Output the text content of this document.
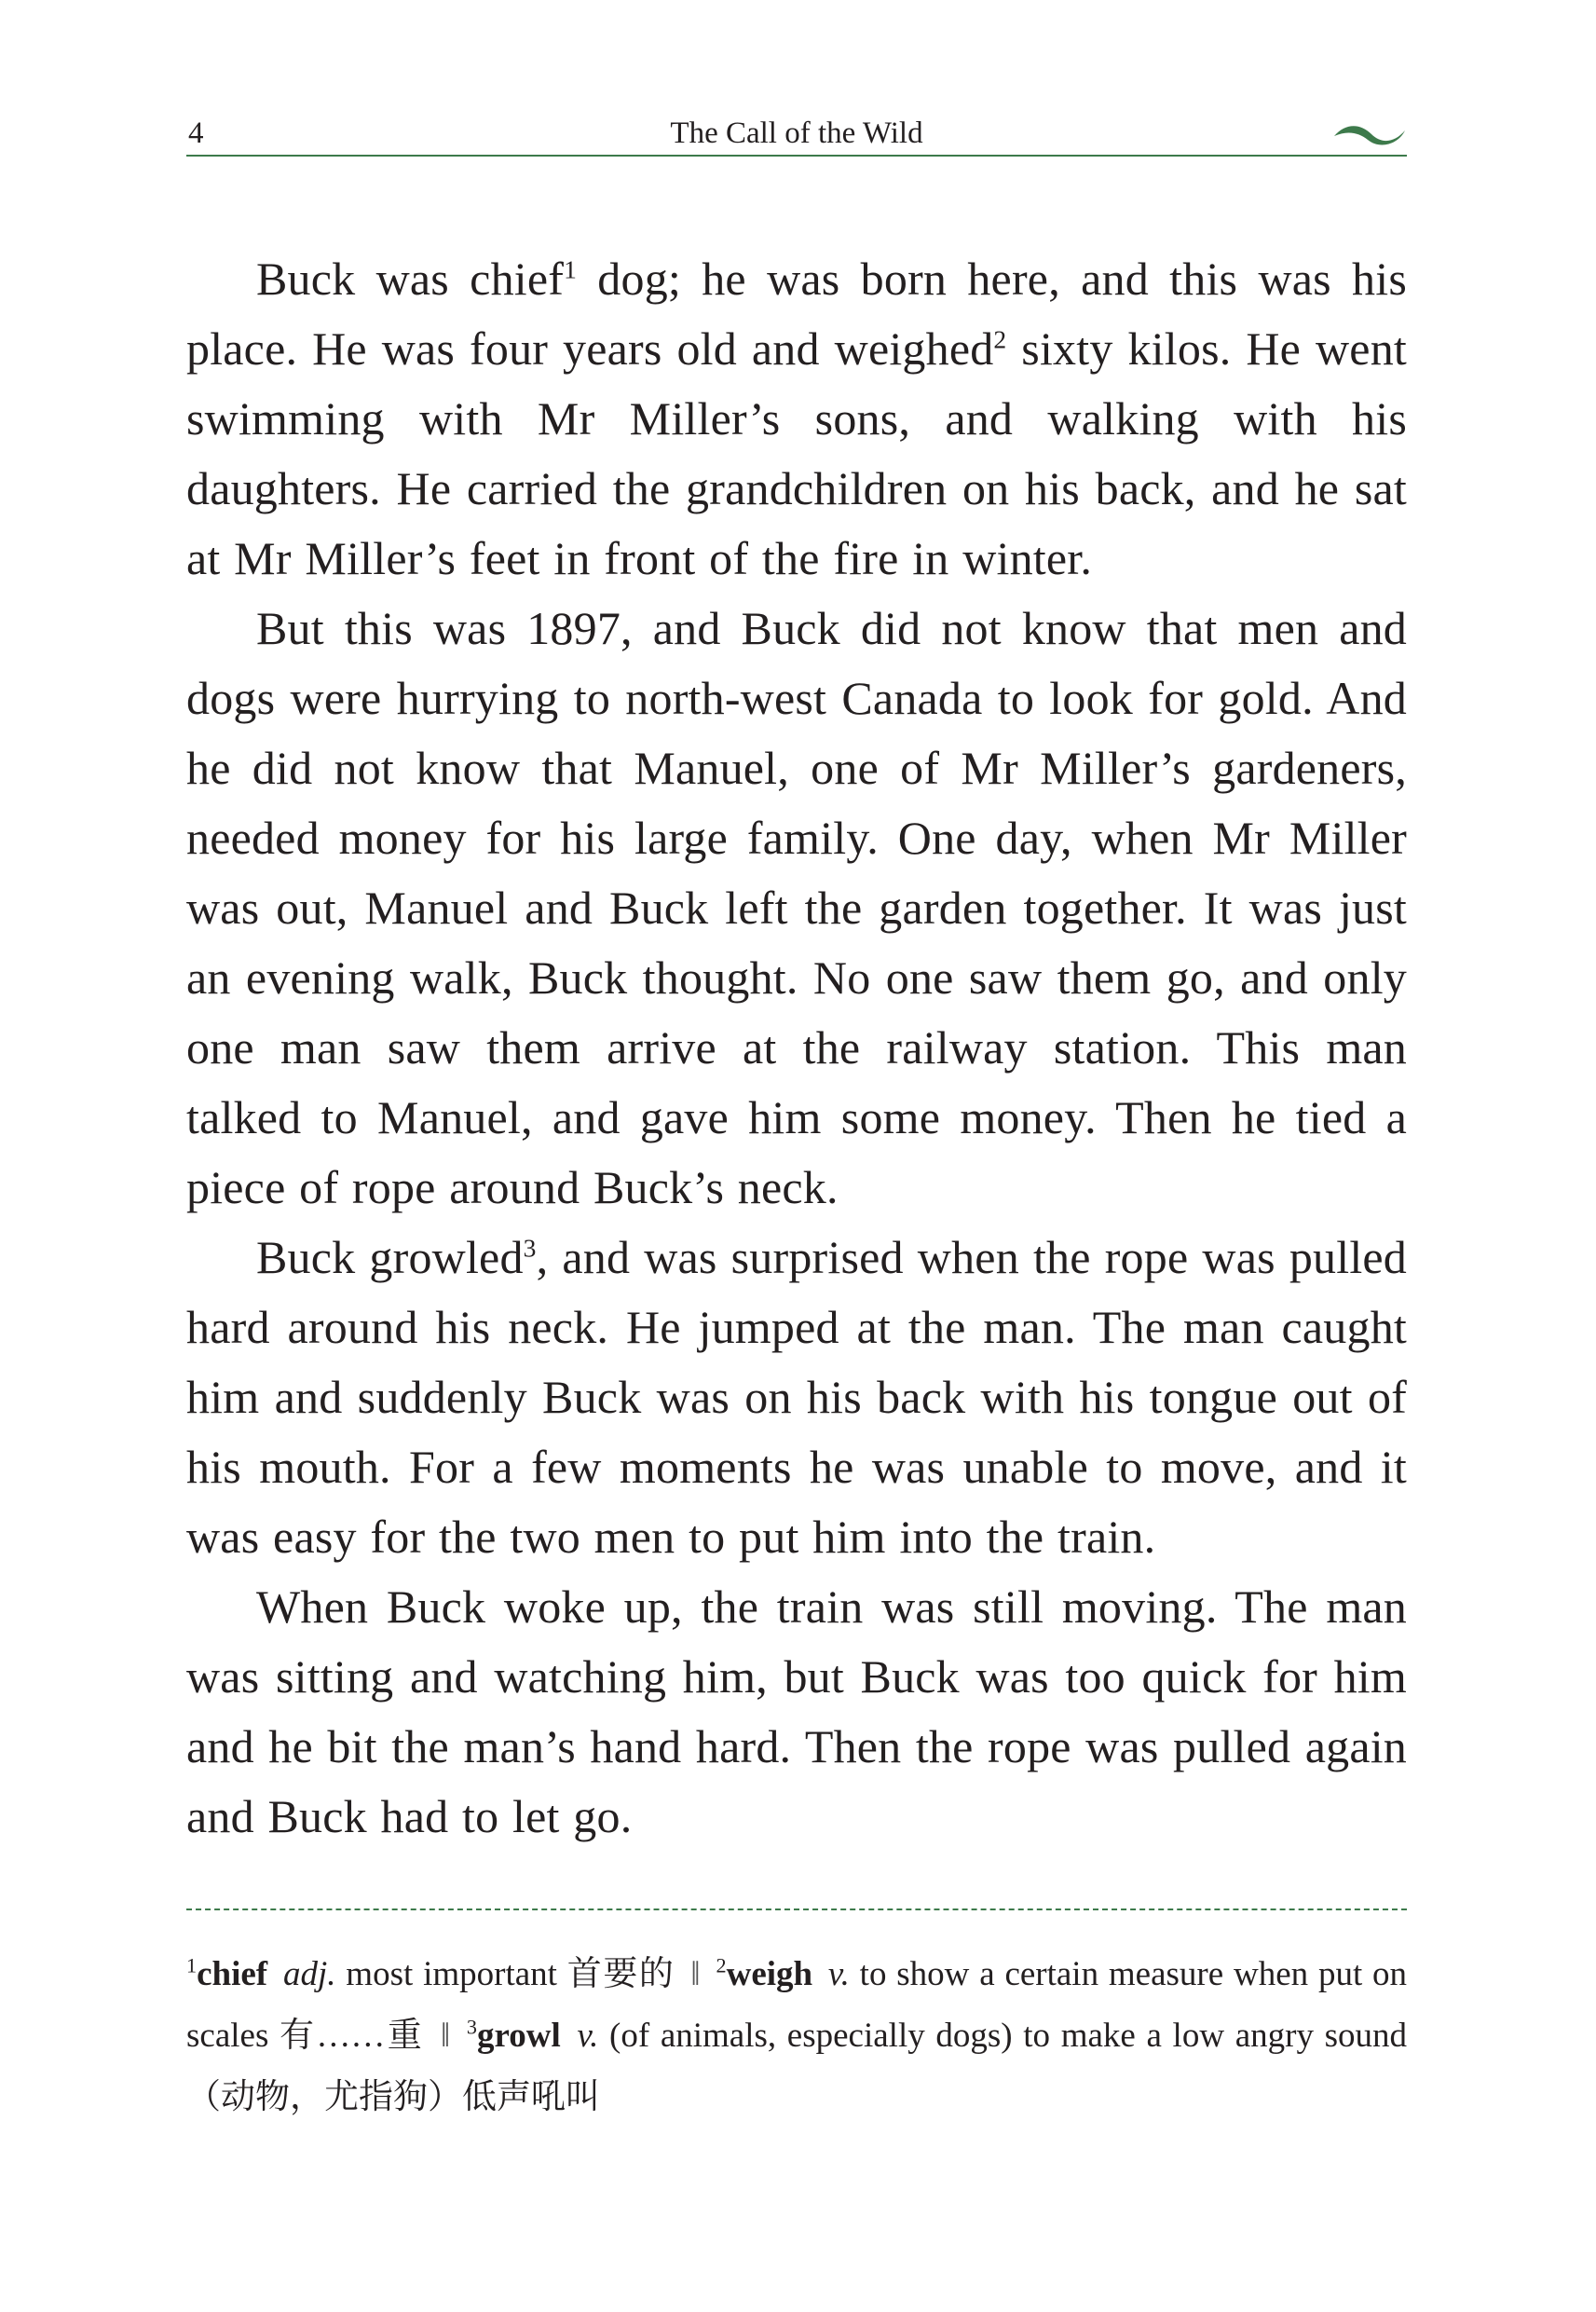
4	The Call of the Wild

Buck was chief$^1$ dog; he was born here, and this was his place. He was four years old and weighed$^2$ sixty kilos. He went swimming with Mr Miller’s sons, and walking with his daughters. He carried the grandchildren on his back, and he sat at Mr Miller’s feet in front of the fire in winter.

But this was 1897, and Buck did not know that men and dogs were hurrying to north-west Canada to look for gold. And he did not know that Manuel, one of Mr Miller’s gardeners, needed money for his large family. One day, when Mr Miller was out, Manuel and Buck left the garden together. It was just an evening walk, Buck thought. No one saw them go, and only one man saw them arrive at the railway station. This man talked to Manuel, and gave him some money. Then he tied a piece of rope around Buck’s neck.

Buck growled$^3$, and was surprised when the rope was pulled hard around his neck. He jumped at the man. The man caught him and suddenly Buck was on his back with his tongue out of his mouth. For a few moments he was unable to move, and it was easy for the two men to put him into the train.

When Buck woke up, the train was still moving. The man was sitting and watching him, but Buck was too quick for him and he bit the man’s hand hard. Then the rope was pulled again and Buck had to let go.

$^1$chief adj. most important 首要的 ‖ $^2$weigh v. to show a certain measure when put on scales 有……重 ‖ $^3$growl v. (of animals, especially dogs) to make a low angry sound（动物，尤指狗）低声吼叫
